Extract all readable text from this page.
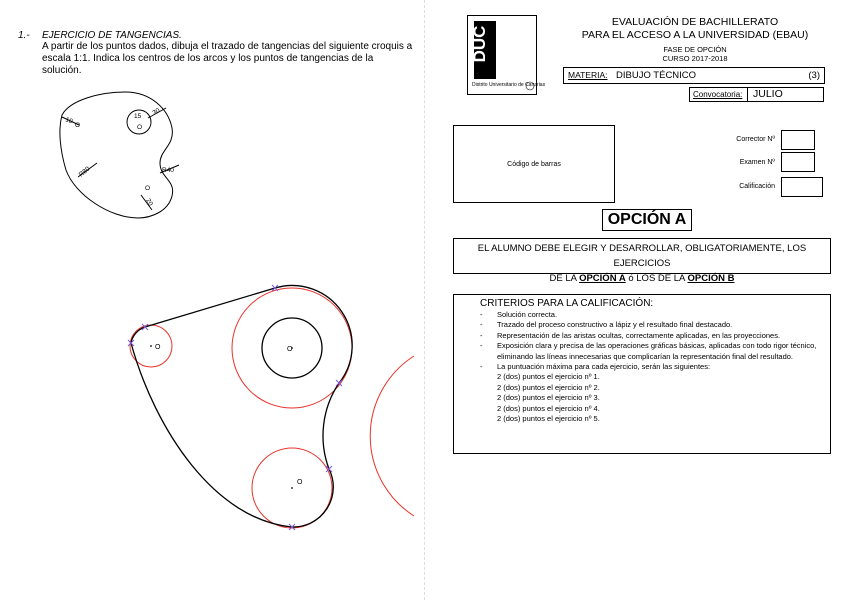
1.- EJERCICIO DE TANGENCIAS.
A partir de los puntos dados, dibuja el trazado de tangencias del siguiente croquis a escala 1:1. Indica los centros de los arcos y los puntos de tangencias de la solución.
10
O
15 30
O
R80	R40
O
20
O	O
O
DUC
Distrito Universitario de Canarias
EVALUACIÓN DE BACHILLERATO
PARA EL ACCESO A LA UNIVERSIDAD (EBAU)
FASE DE OPCIÓN
CURSO 2017-2018
MATERIA: DIBUJO TÉCNICO	(3)
Convocatoria: JULIO
Código de barras
Corrector Nº
Examen Nº
Calificación
OPCIÓN A
EL ALUMNO DEBE ELEGIR Y DESARROLLAR, OBLIGATORIAMENTE, LOS EJERCICIOS
DE LA OPCIÓN A ó LOS DE LA OPCIÓN B
CRITERIOS PARA LA CALIFICACIÓN:
- Solución correcta.
- Trazado del proceso constructivo a lápiz y el resultado final destacado.
- Representación de las aristas ocultas, correctamente aplicadas, en las proyecciones.
- Exposición clara y precisa de las operaciones gráficas básicas, aplicadas con todo rigor técnico, eliminando las líneas innecesarias que complicarían la representación final del resultado.
- La puntuación máxima para cada ejercicio, serán las siguientes:
2 (dos) puntos el ejercicio nº 1.
2 (dos) puntos el ejercicio nº 2.
2 (dos) puntos el ejercicio nº 3.
2 (dos) puntos el ejercicio nº 4.
2 (dos) puntos el ejercicio nº 5.
